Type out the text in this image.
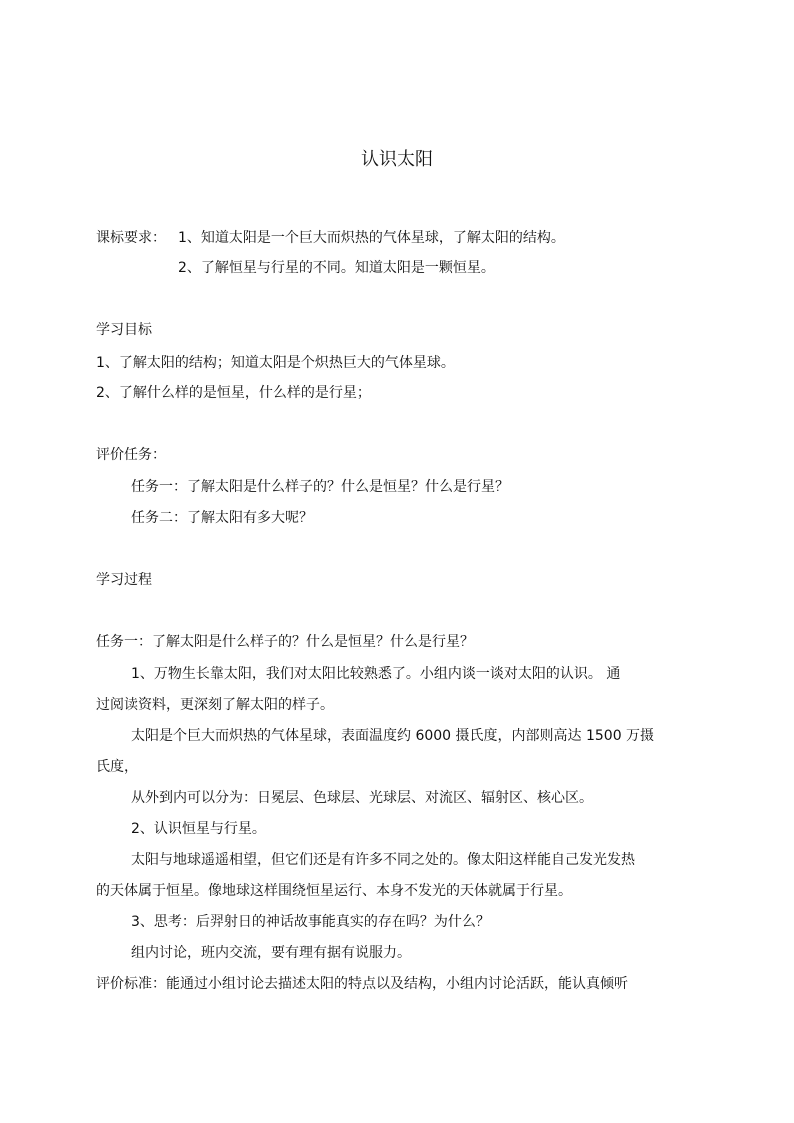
认识太阳
课标要求： 1、知道太阳是一个巨大而炽热的气体星球，了解太阳的结构。
2、了解恒星与行星的不同。知道太阳是一颗恒星。
学习目标
1、了解太阳的结构；知道太阳是个炽热巨大的气体星球。
2、了解什么样的是恒星，什么样的是行星；
评价任务：
任务一：了解太阳是什么样子的？什么是恒星？什么是行星？
任务二：了解太阳有多大呢？
学习过程
任务一：了解太阳是什么样子的？什么是恒星？什么是行星？
1、万物生长靠太阳，我们对太阳比较熟悉了。小组内谈一谈对太阳的认识。 通
过阅读资料，更深刻了解太阳的样子。
太阳是个巨大而炽热的气体星球，表面温度约 6000 摄氏度，内部则高达 1500 万摄
氏度，
从外到内可以分为：日冕层、色球层、光球层、对流区、辐射区、核心区。
2、认识恒星与行星。
太阳与地球遥遥相望，但它们还是有许多不同之处的。像太阳这样能自己发光发热
的天体属于恒星。像地球这样围绕恒星运行、本身不发光的天体就属于行星。
3、思考：后羿射日的神话故事能真实的存在吗？为什么？
组内讨论，班内交流，要有理有据有说服力。
评价标准：能通过小组讨论去描述太阳的特点以及结构，小组内讨论活跃，能认真倾听
